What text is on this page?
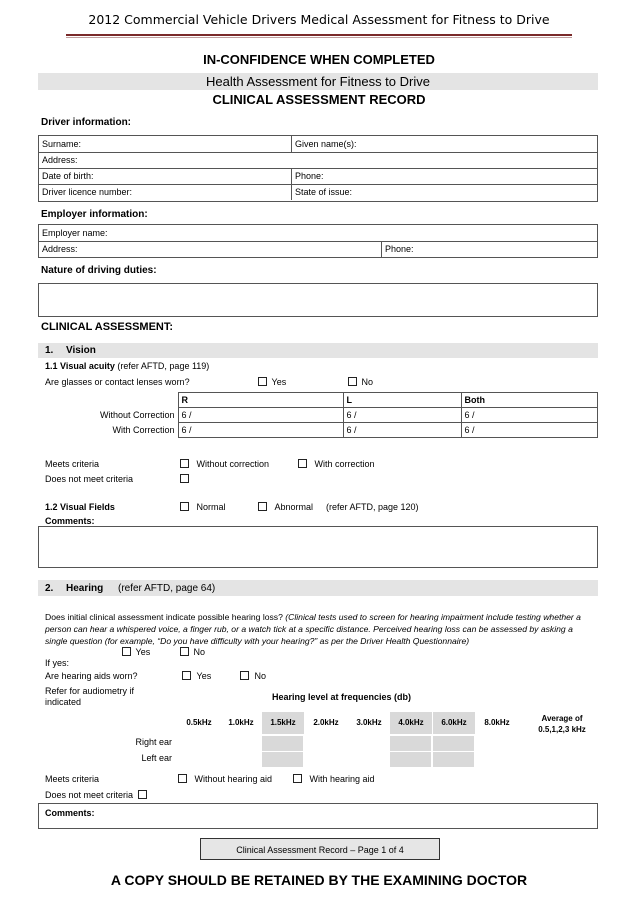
2012 Commercial Vehicle Drivers Medical Assessment for Fitness to Drive
IN-CONFIDENCE WHEN COMPLETED
Health Assessment for Fitness to Drive
CLINICAL ASSESSMENT RECORD
Driver information:
Surname:	Given name(s):
Address:
Date of birth:	Phone:
Driver licence number:	State of issue:
Employer information:
Employer name:
Address:	Phone:
Nature of driving duties:
CLINICAL ASSESSMENT:
1. Vision
1.1 Visual acuity (refer AFTD, page 119)
Are glasses or contact lenses worn?	Yes	No
	R	L	Both
Without Correction	6 /	6 /	6 /
With Correction	6 /	6 /	6 /
Meets criteria	Without correction	With correction
Does not meet criteria
1.2 Visual Fields	Normal	Abnormal (refer AFTD, page 120)
Comments:
2. Hearing (refer AFTD, page 64)
Does initial clinical assessment indicate possible hearing loss? (Clinical tests used to screen for hearing impairment include testing whether a person can hear a whispered voice, a finger rub, or a watch tick at a specific distance. Perceived hearing loss can be assessed by asking a single question (for example, “Do you have difficulty with your hearing?” as per the Driver Health Questionnaire)
Yes	No
If yes:
Are hearing aids worn?	Yes	No
Refer for audiometry if
indicated	Hearing level at frequencies (db)
0.5kHz	1.0kHz	1.5kHz	2.0kHz	3.0kHz	4.0kHz	6.0kHz	8.0kHz	Average of
0.5,1,2,3 kHz
Right ear
Left ear
Meets criteria	Without hearing aid	With hearing aid
Does not meet criteria
Comments:
Clinical Assessment Record – Page 1 of 4
A COPY SHOULD BE RETAINED BY THE EXAMINING DOCTOR
